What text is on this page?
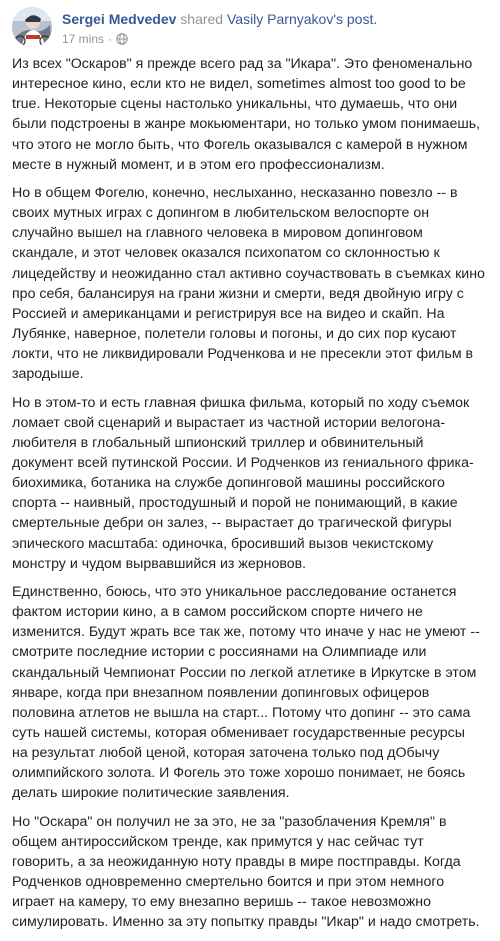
Sergei Medvedev shared Vasily Parnyakov's post.
17 mins ·

Из всех "Оскаров" я прежде всего рад за "Икара". Это феноменально
интересное кино, если кто не видел, sometimes almost too good to be
true. Некоторые сцены настолько уникальны, что думаешь, что они
были подстроены в жанре мокьюментари, но только умом понимаешь,
что этого не могло быть, что Фогель оказывался с камерой в нужном
месте в нужный момент, и в этом его профессионализм.

Но в общем Фогелю, конечно, неслыханно, несказанно повезло -- в
своих мутных играх с допингом в любительском велоспорте он
случайно вышел на главного человека в мировом допинговом
скандале, и этот человек оказался психопатом со склонностью к
лицедейству и неожиданно стал активно соучаствовать в съемках кино
про себя, балансируя на грани жизни и смерти, ведя двойную игру с
Россией и американцами и регистрируя все на видео и скайп. На
Лубянке, наверное, полетели головы и погоны, и до сих пор кусают
локти, что не ликвидировали Родченкова и не пресекли этот фильм в
зародыше.

Но в этом-то и есть главная фишка фильма, который по ходу съемок
ломает свой сценарий и вырастает из частной истории велогона-
любителя в глобальный шпионский триллер и обвинительный
документ всей путинской России. И Родченков из гениального фрика-
биохимика, ботаника на службе допинговой машины российского
спорта -- наивный, простодушный и порой не понимающий, в какие
смертельные дебри он залез, -- вырастает до трагической фигуры
эпического масштаба: одиночка, бросивший вызов чекистскому
монстру и чудом вырвавшийся из жерновов.

Единственно, боюсь, что это уникальное расследование останется
фактом истории кино, а в самом российском спорте ничего не
изменится. Будут жрать все так же, потому что иначе у нас не умеют --
смотрите последние истории с россиянами на Олимпиаде или
скандальный Чемпионат России по легкой атлетике в Иркутске в этом
январе, когда при внезапном появлении допинговых офицеров
половина атлетов не вышла на старт... Потому что допинг -- это сама
суть нашей системы, которая обменивает государственные ресурсы
на результат любой ценой, которая заточена только под дОбычу
олимпийского золота. И Фогель это тоже хорошо понимает, не боясь
делать широкие политические заявления.

Но "Оскара" он получил не за это, не за "разоблачения Кремля" в
общем антироссийском тренде, как примутся у нас сейчас тут
говорить, а за неожиданную ноту правды в мире постправды. Когда
Родченков одновременно смертельно боится и при этом немного
играет на камеру, то ему внезапно веришь -- такое невозможно
симулировать. Именно за эту попытку правды "Икар" и надо смотреть.
